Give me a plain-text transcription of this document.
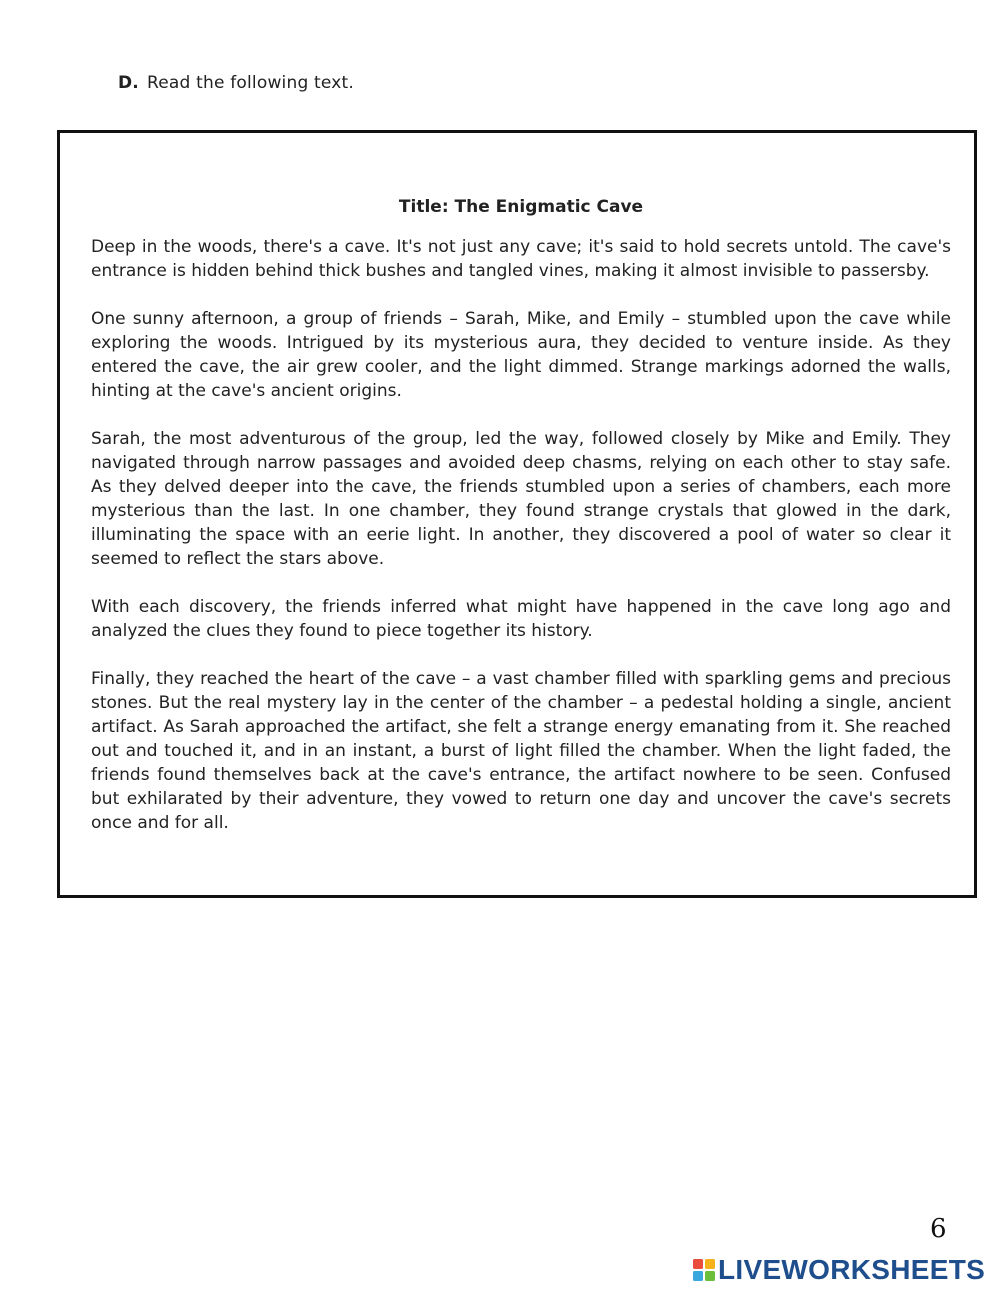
D. Read the following text.

Title: The Enigmatic Cave

Deep in the woods, there's a cave. It's not just any cave; it's said to hold secrets untold. The cave's entrance is hidden behind thick bushes and tangled vines, making it almost invisible to passersby.

One sunny afternoon, a group of friends – Sarah, Mike, and Emily – stumbled upon the cave while exploring the woods. Intrigued by its mysterious aura, they decided to venture inside. As they entered the cave, the air grew cooler, and the light dimmed. Strange markings adorned the walls, hinting at the cave's ancient origins.

Sarah, the most adventurous of the group, led the way, followed closely by Mike and Emily. They navigated through narrow passages and avoided deep chasms, relying on each other to stay safe. As they delved deeper into the cave, the friends stumbled upon a series of chambers, each more mysterious than the last. In one chamber, they found strange crystals that glowed in the dark, illuminating the space with an eerie light. In another, they discovered a pool of water so clear it seemed to reflect the stars above.

With each discovery, the friends inferred what might have happened in the cave long ago and analyzed the clues they found to piece together its history.

Finally, they reached the heart of the cave – a vast chamber filled with sparkling gems and precious stones. But the real mystery lay in the center of the chamber – a pedestal holding a single, ancient artifact. As Sarah approached the artifact, she felt a strange energy emanating from it. She reached out and touched it, and in an instant, a burst of light filled the chamber. When the light faded, the friends found themselves back at the cave's entrance, the artifact nowhere to be seen. Confused but exhilarated by their adventure, they vowed to return one day and uncover the cave's secrets once and for all.

6
LIVEWORKSHEETS
